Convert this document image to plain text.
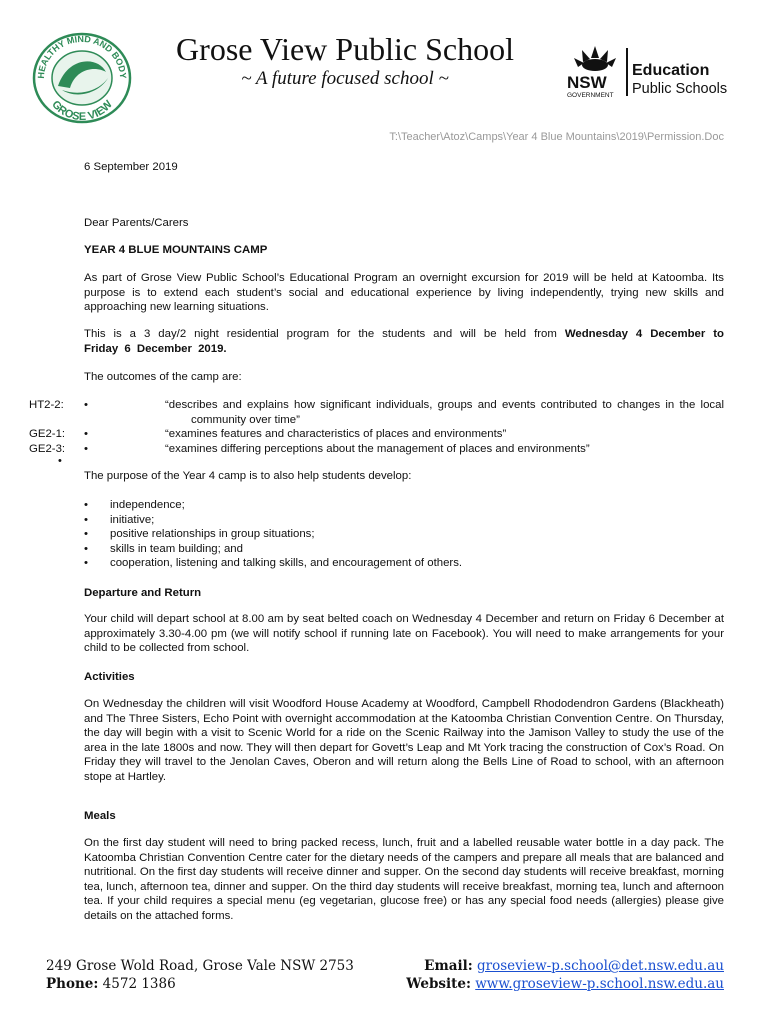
HEALTHY MIND AND BODY
GROSE VIEW
Grose View Public School
~ A future focused school ~	NSW
GOVERNMENT
Education
Public Schools
T:\Teacher\Atoz\Camps\Year 4 Blue Mountains\2019\Permission.Doc
6 September 2019
Dear Parents/Carers
YEAR 4 BLUE MOUNTAINS CAMP
As part of Grose View Public School’s Educational Program an overnight excursion for 2019 will be held at Katoomba. Its purpose is to extend each student’s social and educational experience by living independently, trying new skills and approaching new learning situations.
This is a 3 day/2 night residential program for the students and will be held from Wednesday 4 December to Friday 6 December 2019.
The outcomes of the camp are:
• HT2-2:	“describes and explains how significant individuals, groups and events contributed to changes in the local community over time”
• GE2-1:	“examines features and characteristics of places and environments”
• GE2-3:	“examines differing perceptions about the management of places and environments”
•
The purpose of the Year 4 camp is to also help students develop:
• independence;
• initiative;
• positive relationships in group situations;
• skills in team building; and
• cooperation, listening and talking skills, and encouragement of others.
Departure and Return
Your child will depart school at 8.00 am by seat belted coach on Wednesday 4 December and return on Friday 6 December at approximately 3.30-4.00 pm (we will notify school if running late on Facebook). You will need to make arrangements for your child to be collected from school.
Activities
On Wednesday the children will visit Woodford House Academy at Woodford, Campbell Rhododendron Gardens (Blackheath) and The Three Sisters, Echo Point with overnight accommodation at the Katoomba Christian Convention Centre. On Thursday, the day will begin with a visit to Scenic World for a ride on the Scenic Railway into the Jamison Valley to study the use of the area in the late 1800s and now. They will then depart for Govett’s Leap and Mt York tracing the construction of Cox’s Road. On Friday they will travel to the Jenolan Caves, Oberon and will return along the Bells Line of Road to school, with an afternoon stope at Hartley.
Meals
On the first day student will need to bring packed recess, lunch, fruit and a labelled reusable water bottle in a day pack. The Katoomba Christian Convention Centre cater for the dietary needs of the campers and prepare all meals that are balanced and nutritional. On the first day students will receive dinner and supper. On the second day students will receive breakfast, morning tea, lunch, afternoon tea, dinner and supper. On the third day students will receive breakfast, morning tea, lunch and afternoon tea. If your child requires a special menu (eg vegetarian, glucose free) or has any special food needs (allergies) please give details on the attached forms.
249 Grose Wold Road, Grose Vale NSW 2753
Phone: 4572 1386
Email: groseview-p.school@det.nsw.edu.au
Website: www.groseview-p.school.nsw.edu.au
